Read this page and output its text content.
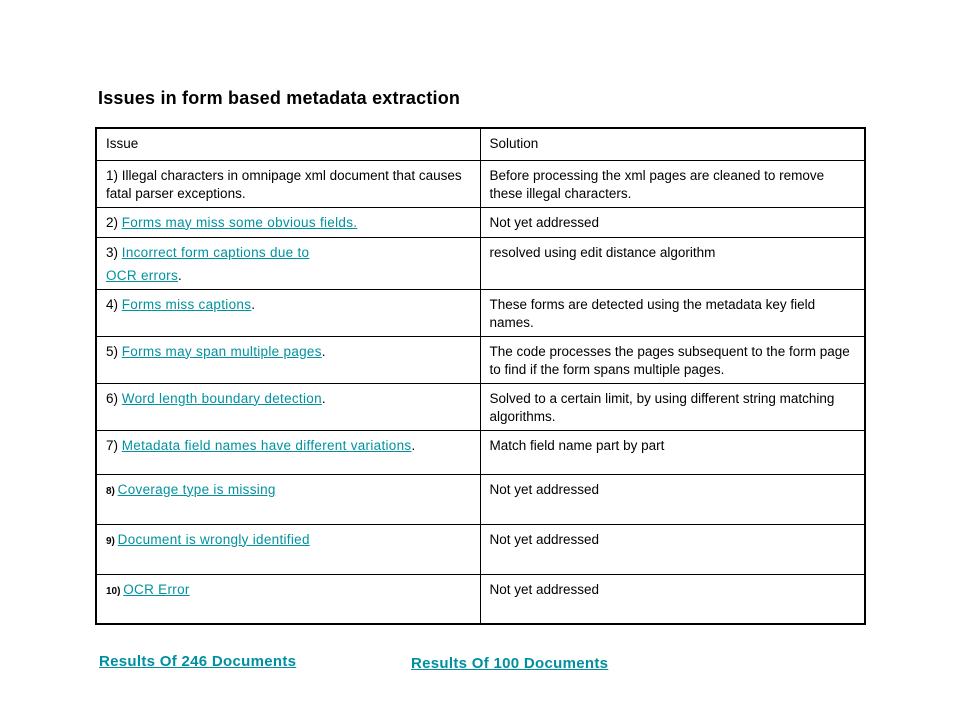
Issues in form based metadata extraction
Issue	Solution
1) Illegal characters in omnipage xml document that causes fatal parser exceptions.	Before processing the xml pages are cleaned to remove these illegal characters.
2) Forms may miss some obvious fields.	Not yet addressed
3) Incorrect form captions due to
OCR errors.	resolved using edit distance algorithm
4) Forms miss captions.	These forms are detected using the metadata key field names.
5) Forms may span multiple pages.	The code processes the pages subsequent to the form page to find if the form spans multiple pages.
6) Word length boundary detection.	Solved to a certain limit, by using different string matching algorithms.
7) Metadata field names have different variations.	Match field name part by part
8) Coverage type is missing	Not yet addressed
9) Document is wrongly identified	Not yet addressed
10) OCR Error	Not yet addressed
Results Of 246 Documents	Results Of 100 Documents
